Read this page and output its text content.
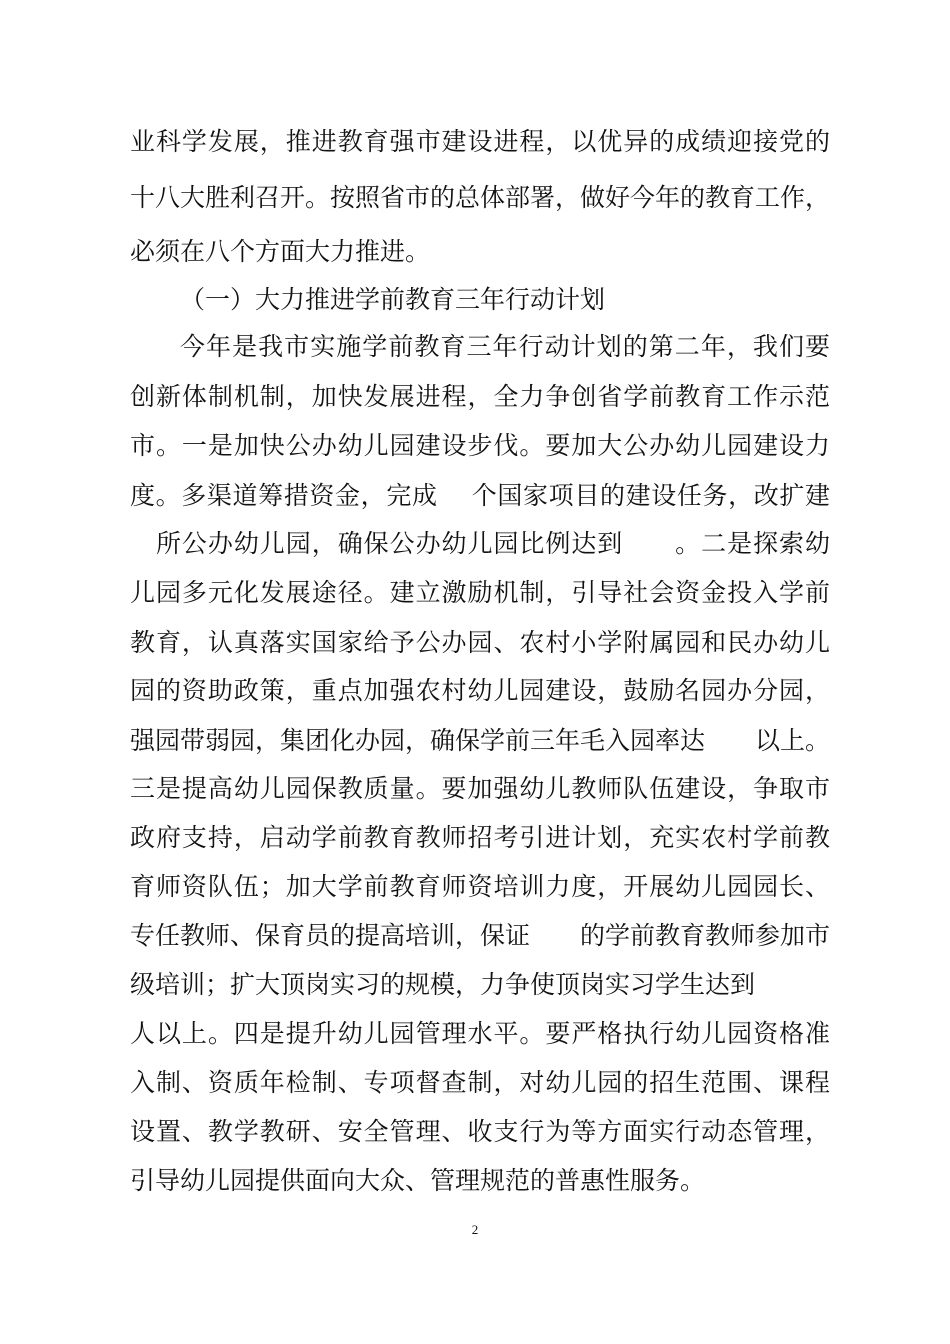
业科学发展，推进教育强市建设进程，以优异的成绩迎接党的
十八大胜利召开。按照省市的总体部署，做好今年的教育工作，
必须在八个方面大力推进。
（一）大力推进学前教育三年行动计划
今年是我市实施学前教育三年行动计划的第二年，我们要
创新体制机制，加快发展进程，全力争创省学前教育工作示范
市。一是加快公办幼儿园建设步伐。要加大公办幼儿园建设力
度。多渠道筹措资金，完成　 个国家项目的建设任务，改扩建
　所公办幼儿园，确保公办幼儿园比例达到　　。二是探索幼
儿园多元化发展途径。建立激励机制，引导社会资金投入学前
教育，认真落实国家给予公办园、农村小学附属园和民办幼儿
园的资助政策，重点加强农村幼儿园建设，鼓励名园办分园，
强园带弱园，集团化办园，确保学前三年毛入园率达　　以上。
三是提高幼儿园保教质量。要加强幼儿教师队伍建设，争取市
政府支持，启动学前教育教师招考引进计划，充实农村学前教
育师资队伍；加大学前教育师资培训力度，开展幼儿园园长、
专任教师、保育员的提高培训，保证　　的学前教育教师参加市
级培训；扩大顶岗实习的规模，力争使顶岗实习学生达到　　
人以上。四是提升幼儿园管理水平。要严格执行幼儿园资格准
入制、资质年检制、专项督查制，对幼儿园的招生范围、课程
设置、教学教研、安全管理、收支行为等方面实行动态管理，
引导幼儿园提供面向大众、管理规范的普惠性服务。
2
